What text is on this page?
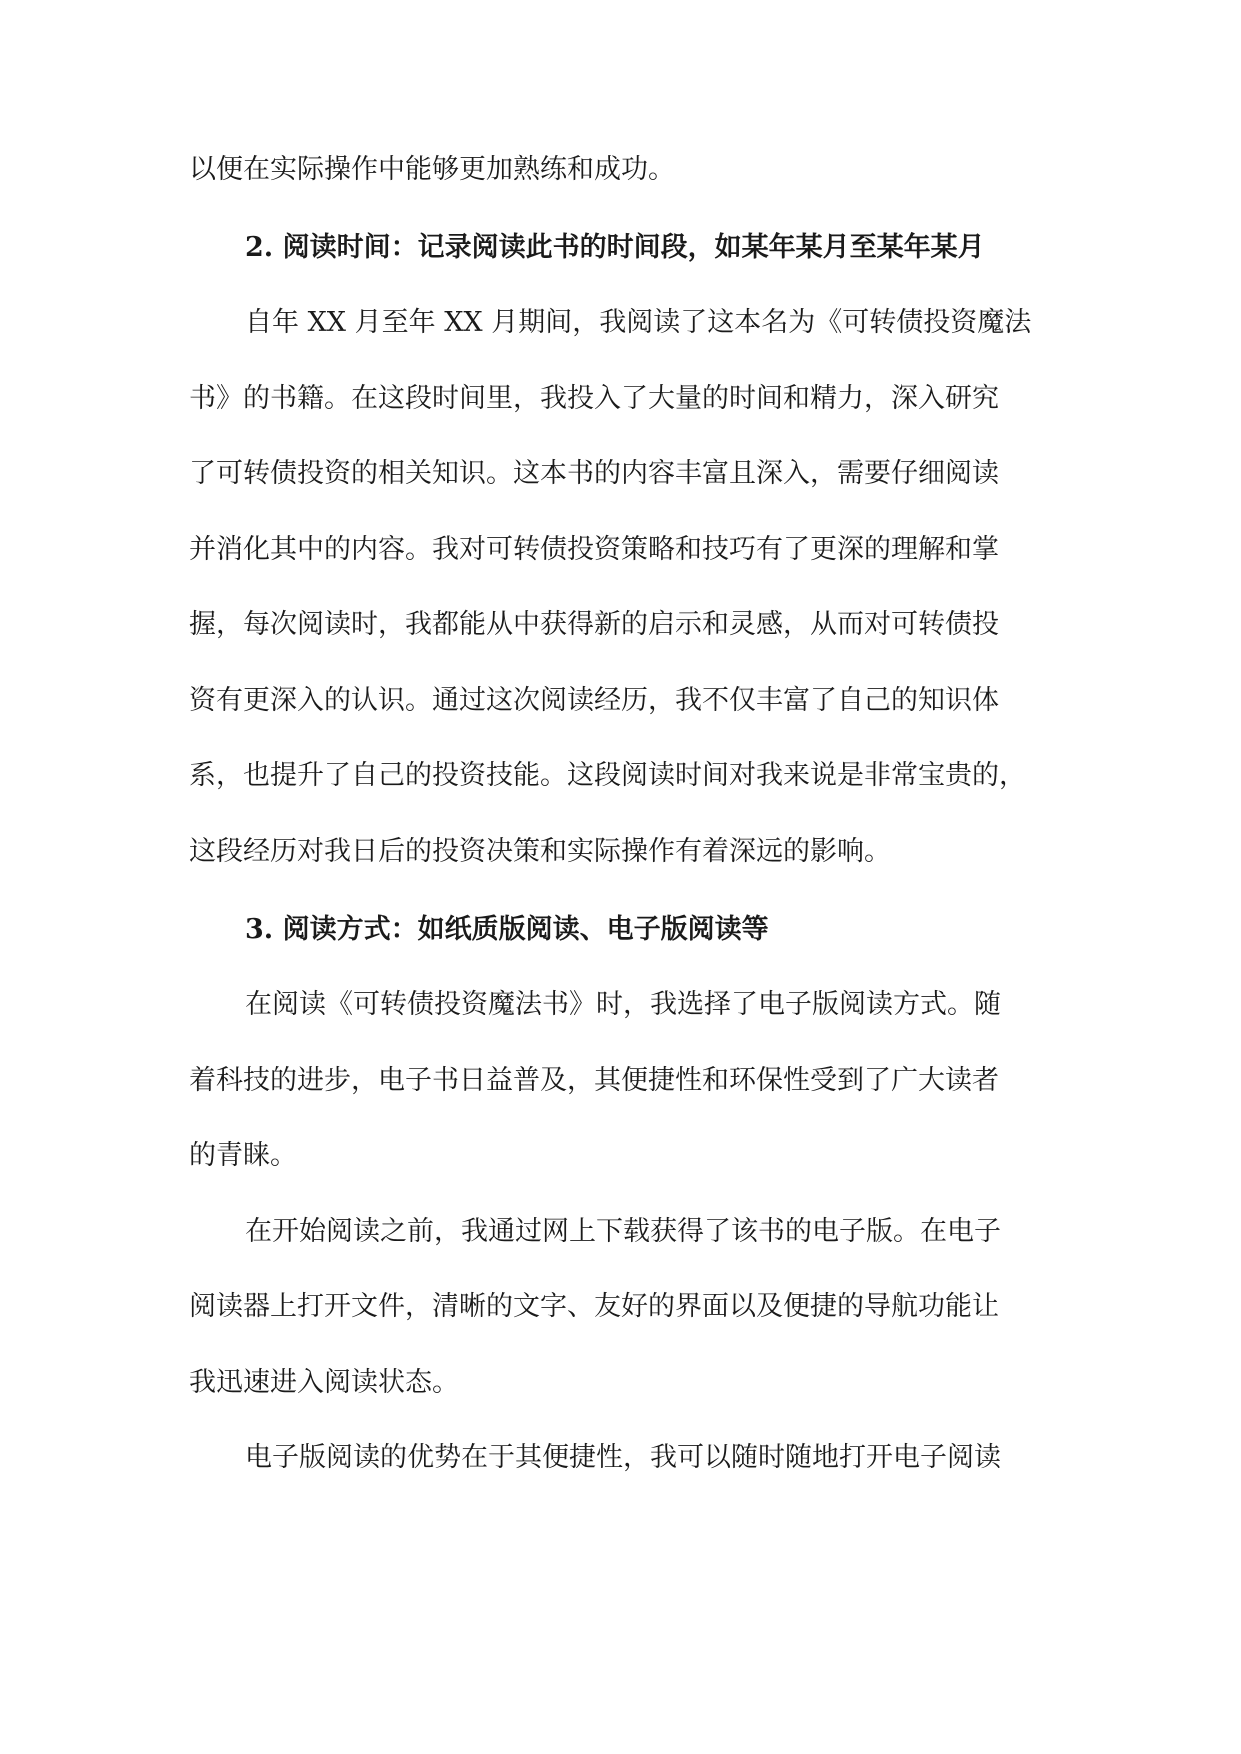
以便在实际操作中能够更加熟练和成功。

2. 阅读时间：记录阅读此书的时间段，如某年某月至某年某月

自年 XX 月至年 XX 月期间，我阅读了这本名为《可转债投资魔法

书》的书籍。在这段时间里，我投入了大量的时间和精力，深入研究

了可转债投资的相关知识。这本书的内容丰富且深入，需要仔细阅读

并消化其中的内容。我对可转债投资策略和技巧有了更深的理解和掌

握，每次阅读时，我都能从中获得新的启示和灵感，从而对可转债投

资有更深入的认识。通过这次阅读经历，我不仅丰富了自己的知识体

系，也提升了自己的投资技能。这段阅读时间对我来说是非常宝贵的，

这段经历对我日后的投资决策和实际操作有着深远的影响。

3. 阅读方式：如纸质版阅读、电子版阅读等

在阅读《可转债投资魔法书》时，我选择了电子版阅读方式。随

着科技的进步，电子书日益普及，其便捷性和环保性受到了广大读者

的青睐。

在开始阅读之前，我通过网上下载获得了该书的电子版。在电子

阅读器上打开文件，清晰的文字、友好的界面以及便捷的导航功能让

我迅速进入阅读状态。

电子版阅读的优势在于其便捷性，我可以随时随地打开电子阅读
